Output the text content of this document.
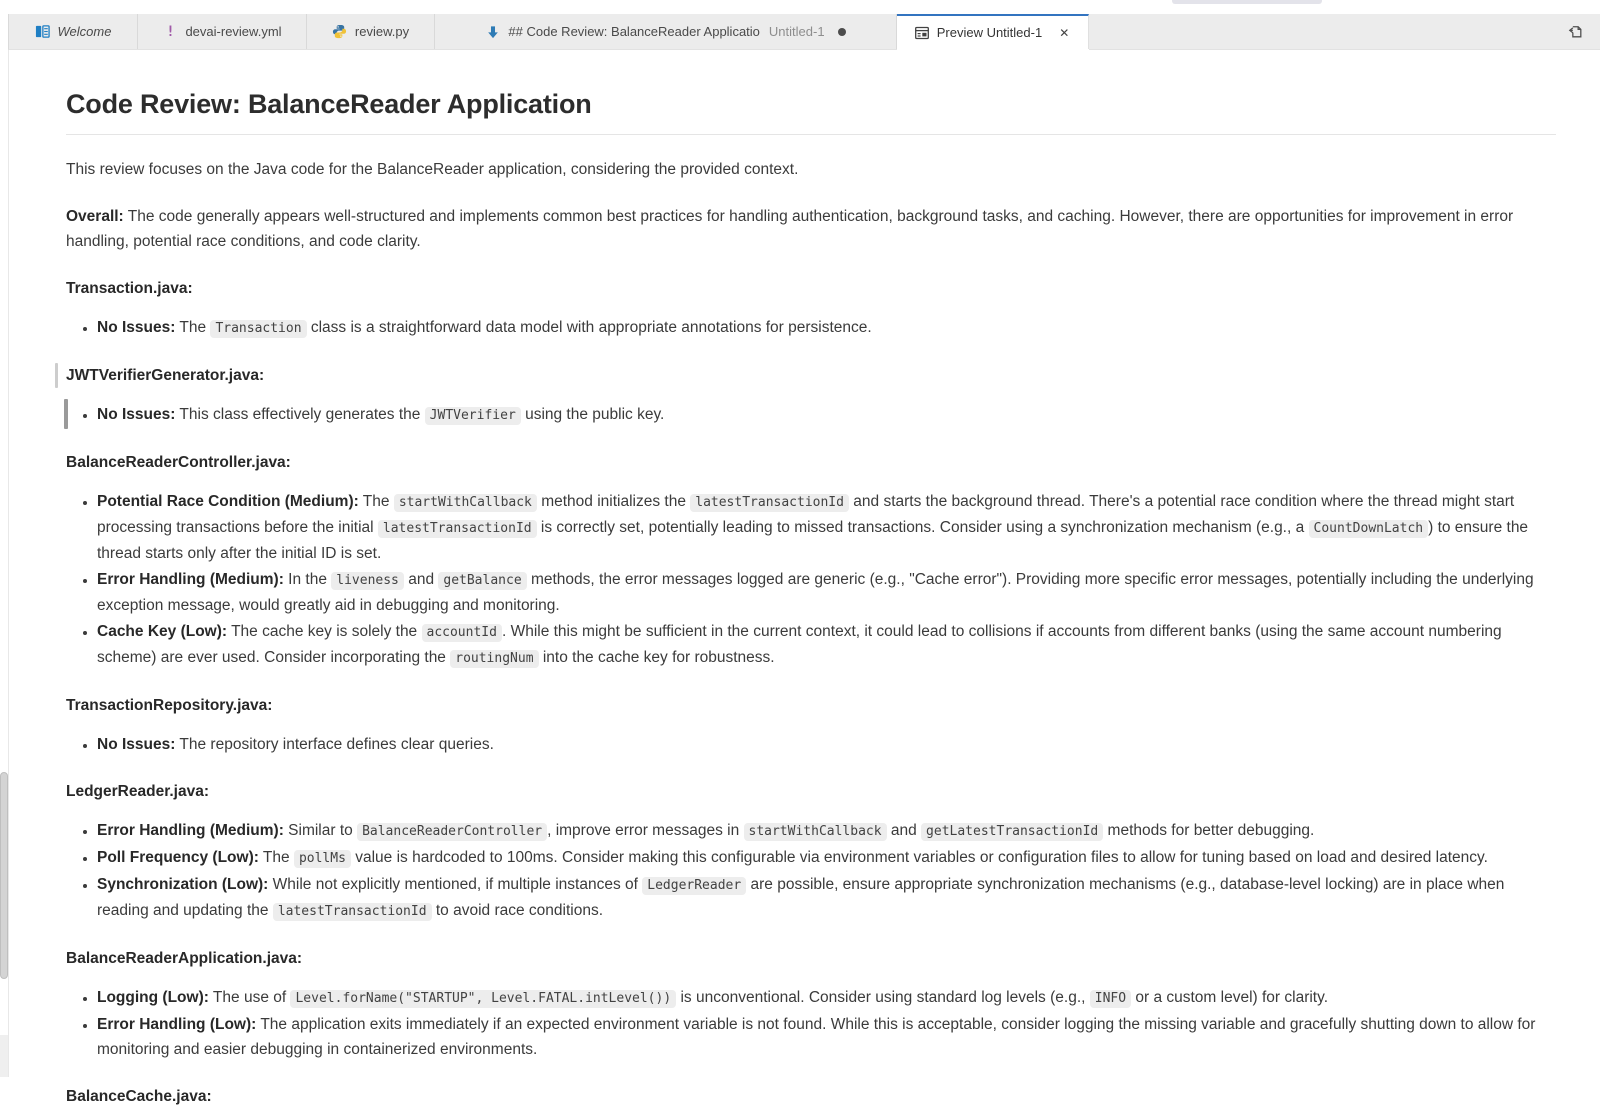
Welcome	! devai-review.yml	review.py	## Code Review: BalanceReader Applicatio Untitled-1	Preview Untitled-1 ✕
Code Review: BalanceReader Application

This review focuses on the Java code for the BalanceReader application, considering the provided context.

Overall: The code generally appears well-structured and implements common best practices for handling authentication, background tasks, and caching. However, there are opportunities for improvement in error handling, potential race conditions, and code clarity.

Transaction.java:

• No Issues: The Transaction class is a straightforward data model with appropriate annotations for persistence.

JWTVerifierGenerator.java:

• No Issues: This class effectively generates the JWTVerifier using the public key.

BalanceReaderController.java:

• Potential Race Condition (Medium): The startWithCallback method initializes the latestTransactionId and starts the background thread. There's a potential race condition where the thread might start processing transactions before the initial latestTransactionId is correctly set, potentially leading to missed transactions. Consider using a synchronization mechanism (e.g., a CountDownLatch ) to ensure the thread starts only after the initial ID is set.
• Error Handling (Medium): In the liveness and getBalance methods, the error messages logged are generic (e.g., "Cache error"). Providing more specific error messages, potentially including the underlying exception message, would greatly aid in debugging and monitoring.
• Cache Key (Low): The cache key is solely the accountId . While this might be sufficient in the current context, it could lead to collisions if accounts from different banks (using the same account numbering scheme) are ever used. Consider incorporating the routingNum into the cache key for robustness.

TransactionRepository.java:

• No Issues: The repository interface defines clear queries.

LedgerReader.java:

• Error Handling (Medium): Similar to BalanceReaderController , improve error messages in startWithCallback and getLatestTransactionId methods for better debugging.
• Poll Frequency (Low): The pollMs value is hardcoded to 100ms. Consider making this configurable via environment variables or configuration files to allow for tuning based on load and desired latency.
• Synchronization (Low): While not explicitly mentioned, if multiple instances of LedgerReader are possible, ensure appropriate synchronization mechanisms (e.g., database-level locking) are in place when reading and updating the latestTransactionId to avoid race conditions.

BalanceReaderApplication.java:

• Logging (Low): The use of Level.forName("STARTUP", Level.FATAL.intLevel()) is unconventional. Consider using standard log levels (e.g., INFO or a custom level) for clarity.
• Error Handling (Low): The application exits immediately if an expected environment variable is not found. While this is acceptable, consider logging the missing variable and gracefully shutting down to allow for monitoring and easier debugging in containerized environments.

BalanceCache.java:
